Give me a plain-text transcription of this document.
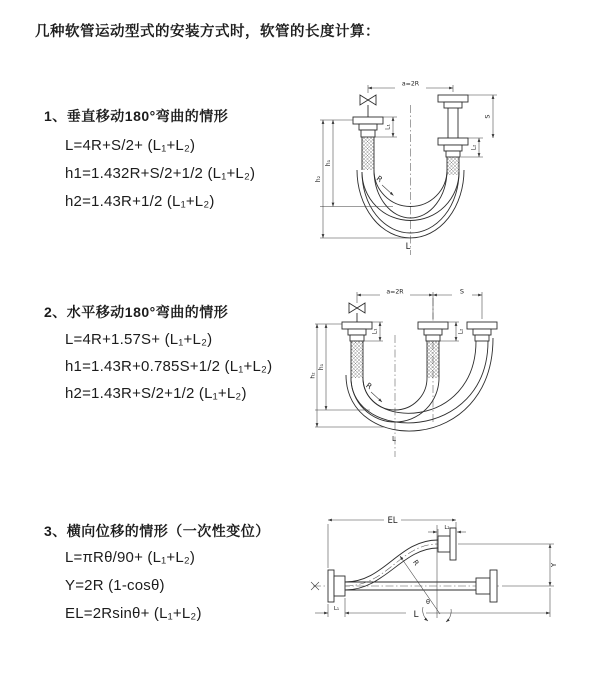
几种软管运动型式的安装方式时，软管的长度计算：
1、垂直移动180°弯曲的情形
L=4R+S/2+ (L₁+L₂)
h1=1.432R+S/2+1/2 (L₁+L₂)
h2=1.43R+1/2 (L₁+L₂)
a=2R
L₁
L₂
S
h₁
h₂	R
L
2、水平移动180°弯曲的情形
L=4R+1.57S+ (L₁+L₂)
h1=1.43R+0.785S+1/2 (L₁+L₂)
h2=1.43R+S/2+1/2 (L₁+L₂)
a=2R	S
L₁	L₂
h₁
h₂
R
L
3、横向位移的情形（一次性变位）
L=πRθ/90+ (L₁+L₂)
Y=2R (1-cosθ)
EL=2Rsinθ+ (L₁+L₂)
EL
L₂
Y
R
θ
L₁
L
